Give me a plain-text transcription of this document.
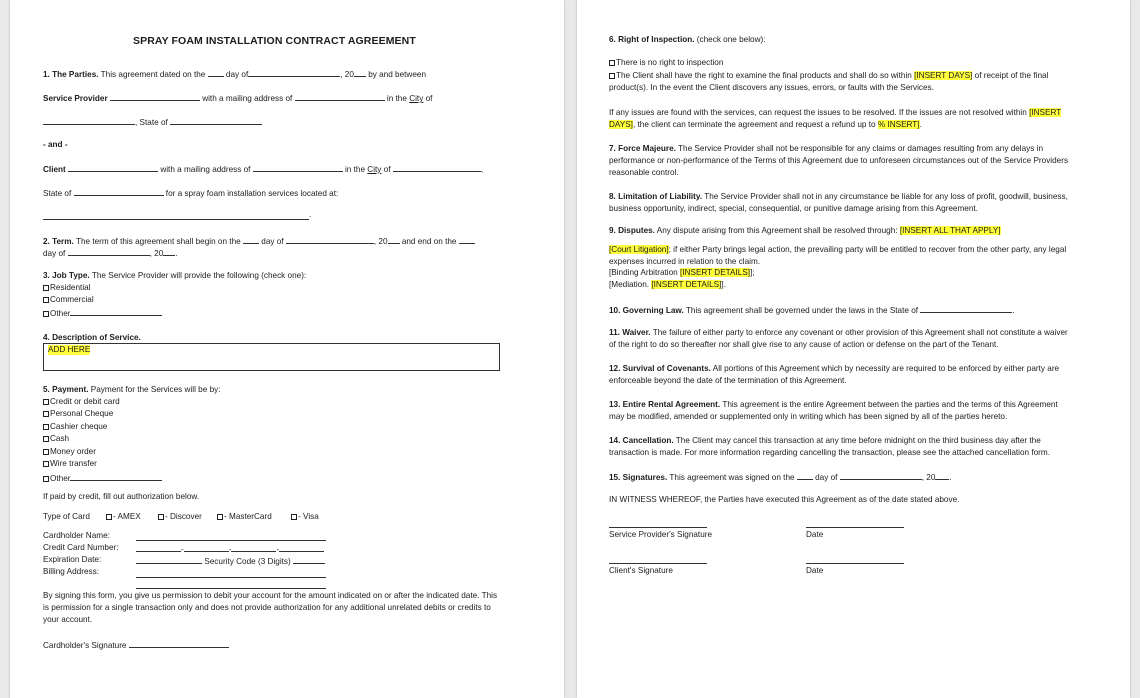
SPRAY FOAM INSTALLATION CONTRACT AGREEMENT
1. The Parties. This agreement dated on the	day of	, 20 by and between
Service Provider	with a mailing address of	in the City of
, State of
- and -
Client	with a mailing address of	in the City of	,
State of	for a spray foam installation services located at:
.
2. Term. The term of this agreement shall begin on the	day of	, 20 and end on the
day of	, 20 .
3. Job Type. The Service Provider will provide the following (check one):
Residential
Commercial
Other
4. Description of Service.
ADD HERE
5. Payment. Payment for the Services will be by:
Credit or debit card
Personal Cheque
Cashier cheque
Cash
Money order
Wire transfer
Other
If paid by credit, fill out authorization below.
Type of Card	- AMEX	- Discover	- MasterCard	- Visa
Cardholder Name:
Credit Card Number:	-	-	-
Expiration Date:	Security Code (3 Digits)
Billing Address:
By signing this form, you give us permission to debit your account for the amount indicated on or after the indicated date. This is permission for a single transaction only and does not provide authorization for any additional unrelated debits or credits to your account.
Cardholder's Signature
6. Right of Inspection. (check one below):
There is no right to inspection
The Client shall have the right to examine the final products and shall do so within [INSERT DAYS] of receipt of the final product(s). In the event the Client discovers any issues, errors, or faults with the Services.
If any issues are found with the services, can request the issues to be resolved. If the issues are not resolved within [INSERT DAYS], the client can terminate the agreement and request a refund up to % INSERT].
7. Force Majeure. The Service Provider shall not be responsible for any claims or damages resulting from any delays in performance or non-performance of the Terms of this Agreement due to unforeseen circumstances out of the Service Providers reasonable control.
8. Limitation of Liability. The Service Provider shall not in any circumstance be liable for any loss of profit, goodwill, business, business opportunity, indirect, special, consequential, or punitive damage arising from this Agreement.
9. Disputes. Any dispute arising from this Agreement shall be resolved through: [INSERT ALL THAT APPLY]
[Court Litigation]; if either Party brings legal action, the prevailing party will be entitled to recover from the other party, any legal expenses incurred in relation to the claim.
[Binding Arbitration [INSERT DETAILS]];
[Mediation. [INSERT DETAILS]].
10. Governing Law. This agreement shall be governed under the laws in the State of	.
11. Waiver. The failure of either party to enforce any covenant or other provision of this Agreement shall not constitute a waiver of the right to do so thereafter nor shall give rise to any cause of action or defense on the part of the Tenant.
12. Survival of Covenants. All portions of this Agreement which by necessity are required to be enforced by either party are enforceable beyond the date of the termination of this Agreement.
13. Entire Rental Agreement. This agreement is the entire Agreement between the parties and the terms of this Agreement may be modified, amended or supplemented only in writing which has been signed by all of the parties hereto.
14. Cancellation. The Client may cancel this transaction at any time before midnight on the third business day after the transaction is made. For more information regarding cancelling the transaction, please see the attached cancellation form.
15. Signatures. This agreement was signed on the	day of	, 20 .
IN WITNESS WHEREOF, the Parties have executed this Agreement as of the date stated above.
Service Provider's Signature	Date
Client's Signature	Date
